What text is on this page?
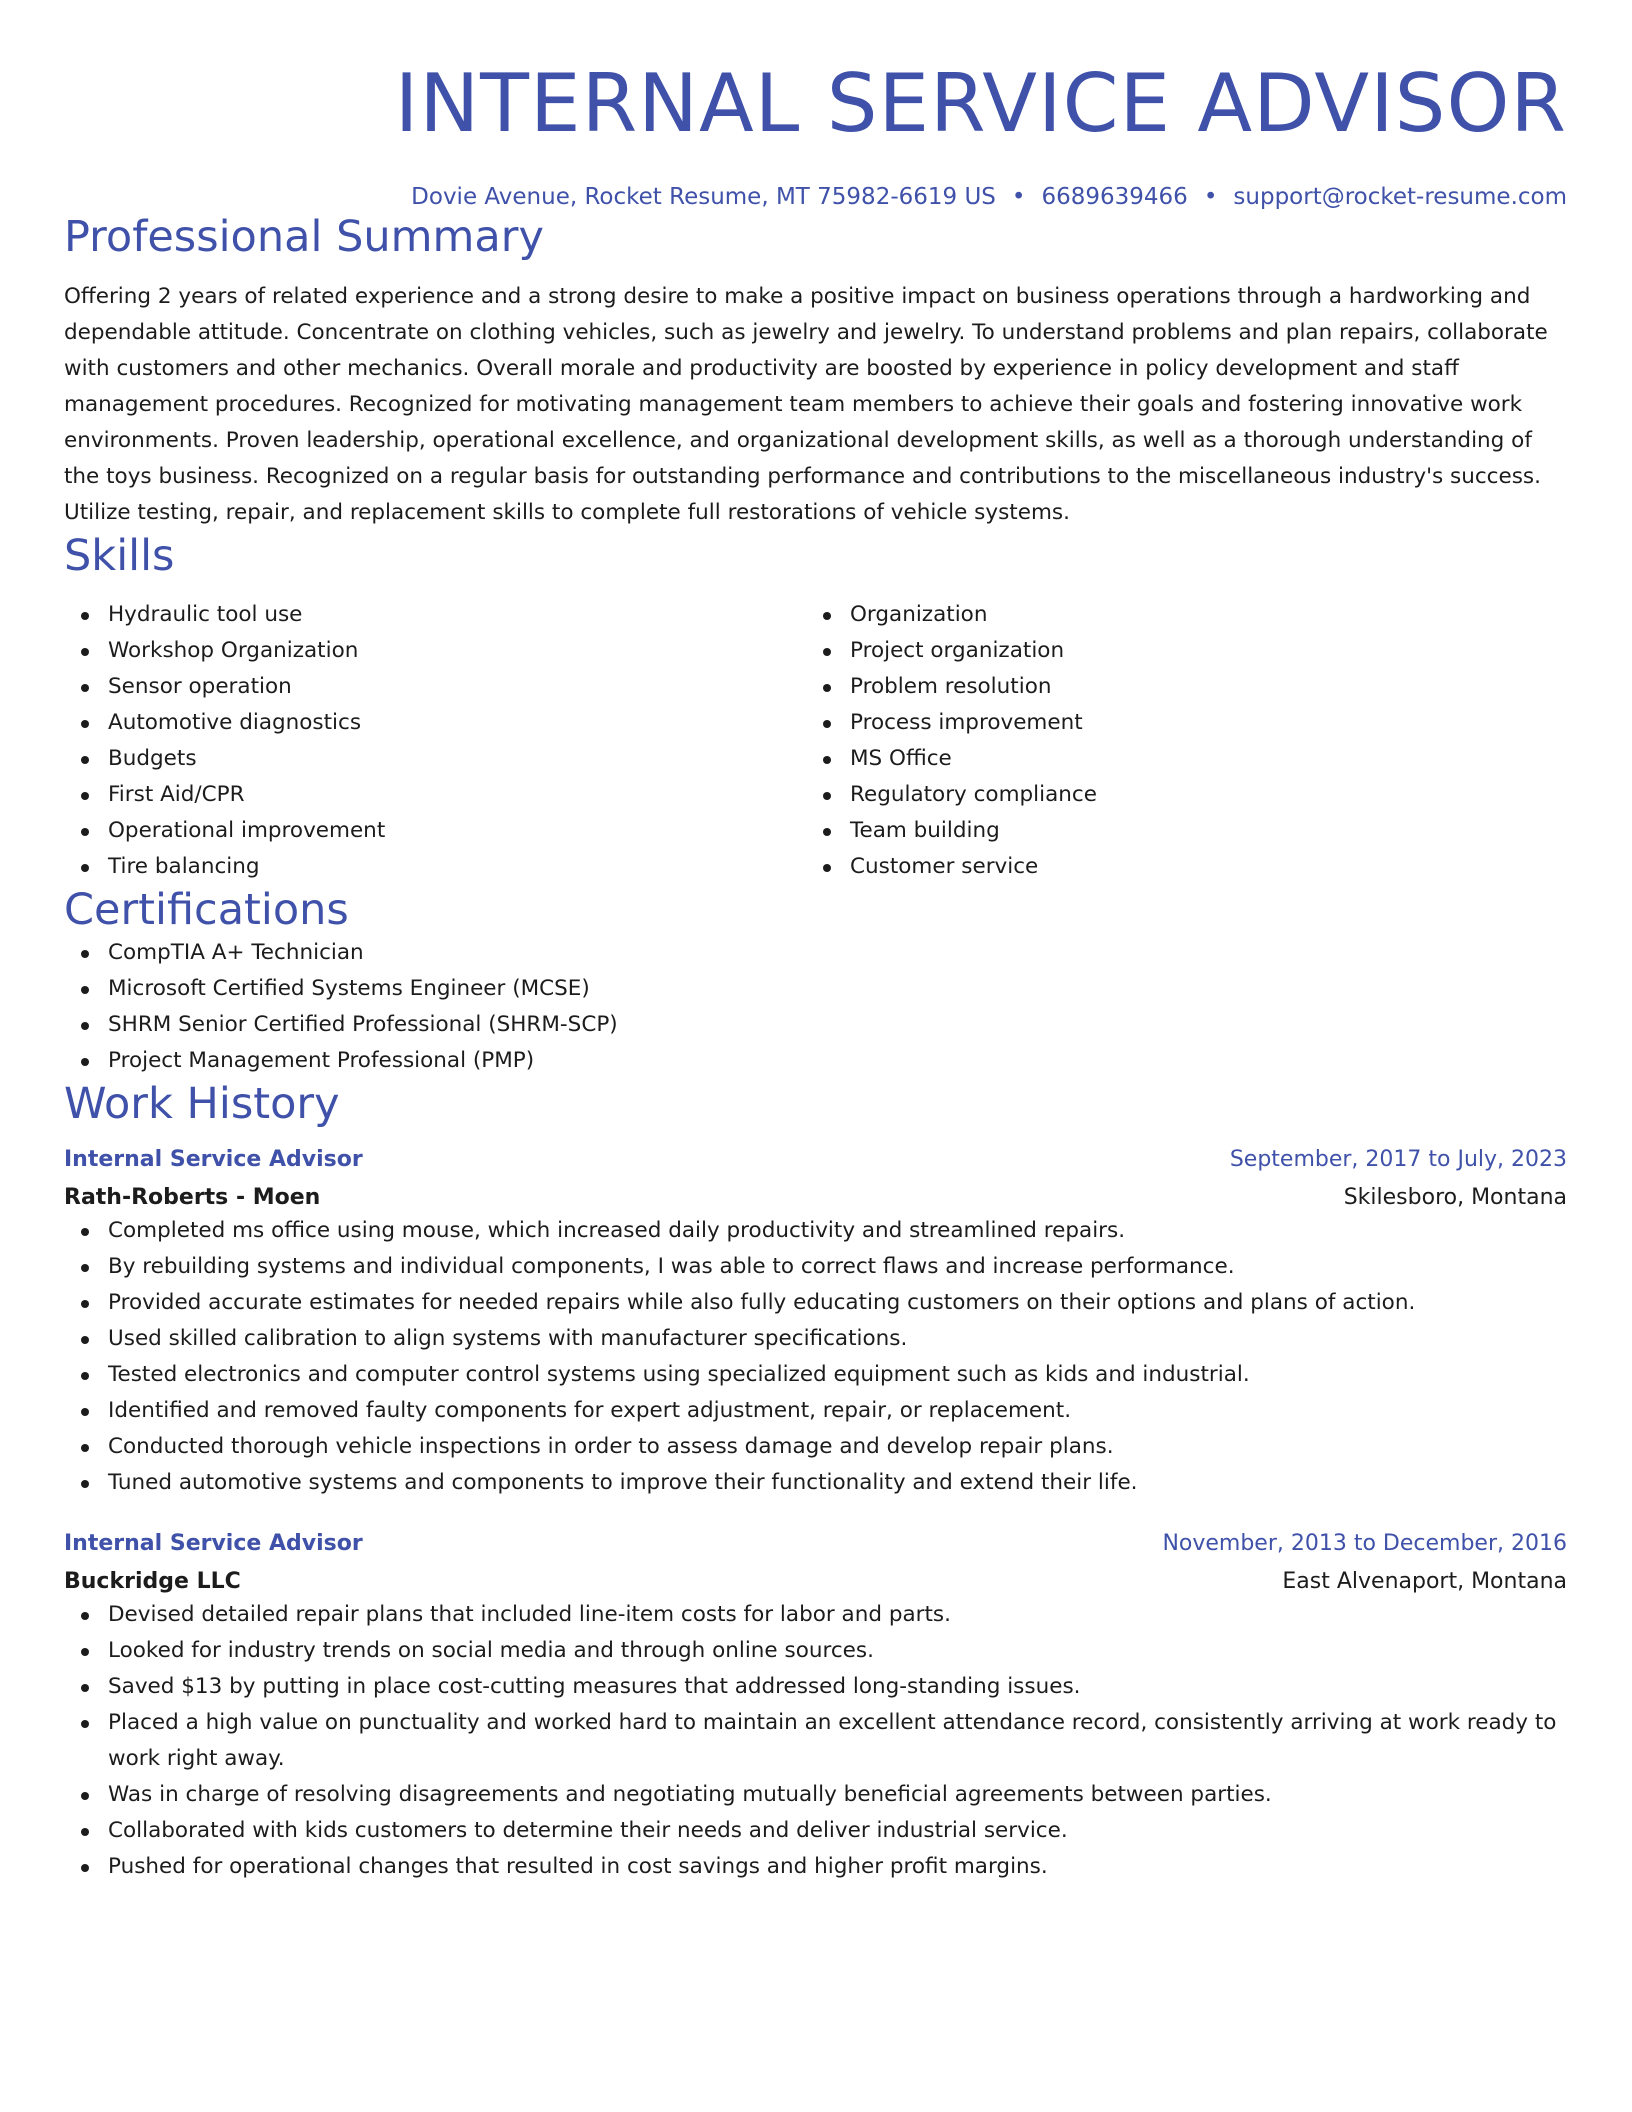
INTERNAL SERVICE ADVISOR
Dovie Avenue, Rocket Resume, MT 75982-6619 US • 6689639466 • support@rocket-resume.com
Professional Summary
Offering 2 years of related experience and a strong desire to make a positive impact on business operations through a hardworking and dependable attitude. Concentrate on clothing vehicles, such as jewelry and jewelry. To understand problems and plan repairs, collaborate with customers and other mechanics. Overall morale and productivity are boosted by experience in policy development and staff management procedures. Recognized for motivating management team members to achieve their goals and fostering innovative work environments. Proven leadership, operational excellence, and organizational development skills, as well as a thorough understanding of the toys business. Recognized on a regular basis for outstanding performance and contributions to the miscellaneous industry's success. Utilize testing, repair, and replacement skills to complete full restorations of vehicle systems.
Skills
Hydraulic tool use
Workshop Organization
Sensor operation
Automotive diagnostics
Budgets
First Aid/CPR
Operational improvement
Tire balancing
Organization
Project organization
Problem resolution
Process improvement
MS Office
Regulatory compliance
Team building
Customer service
Certifications
CompTIA A+ Technician
Microsoft Certified Systems Engineer (MCSE)
SHRM Senior Certified Professional (SHRM-SCP)
Project Management Professional (PMP)
Work History
Internal Service Advisor	September, 2017 to July, 2023
Rath-Roberts - Moen	Skilesboro, Montana
Completed ms office using mouse, which increased daily productivity and streamlined repairs.
By rebuilding systems and individual components, I was able to correct flaws and increase performance.
Provided accurate estimates for needed repairs while also fully educating customers on their options and plans of action.
Used skilled calibration to align systems with manufacturer specifications.
Tested electronics and computer control systems using specialized equipment such as kids and industrial.
Identified and removed faulty components for expert adjustment, repair, or replacement.
Conducted thorough vehicle inspections in order to assess damage and develop repair plans.
Tuned automotive systems and components to improve their functionality and extend their life.
Internal Service Advisor	November, 2013 to December, 2016
Buckridge LLC	East Alvenaport, Montana
Devised detailed repair plans that included line-item costs for labor and parts.
Looked for industry trends on social media and through online sources.
Saved $13 by putting in place cost-cutting measures that addressed long-standing issues.
Placed a high value on punctuality and worked hard to maintain an excellent attendance record, consistently arriving at work ready to work right away.
Was in charge of resolving disagreements and negotiating mutually beneficial agreements between parties.
Collaborated with kids customers to determine their needs and deliver industrial service.
Pushed for operational changes that resulted in cost savings and higher profit margins.
